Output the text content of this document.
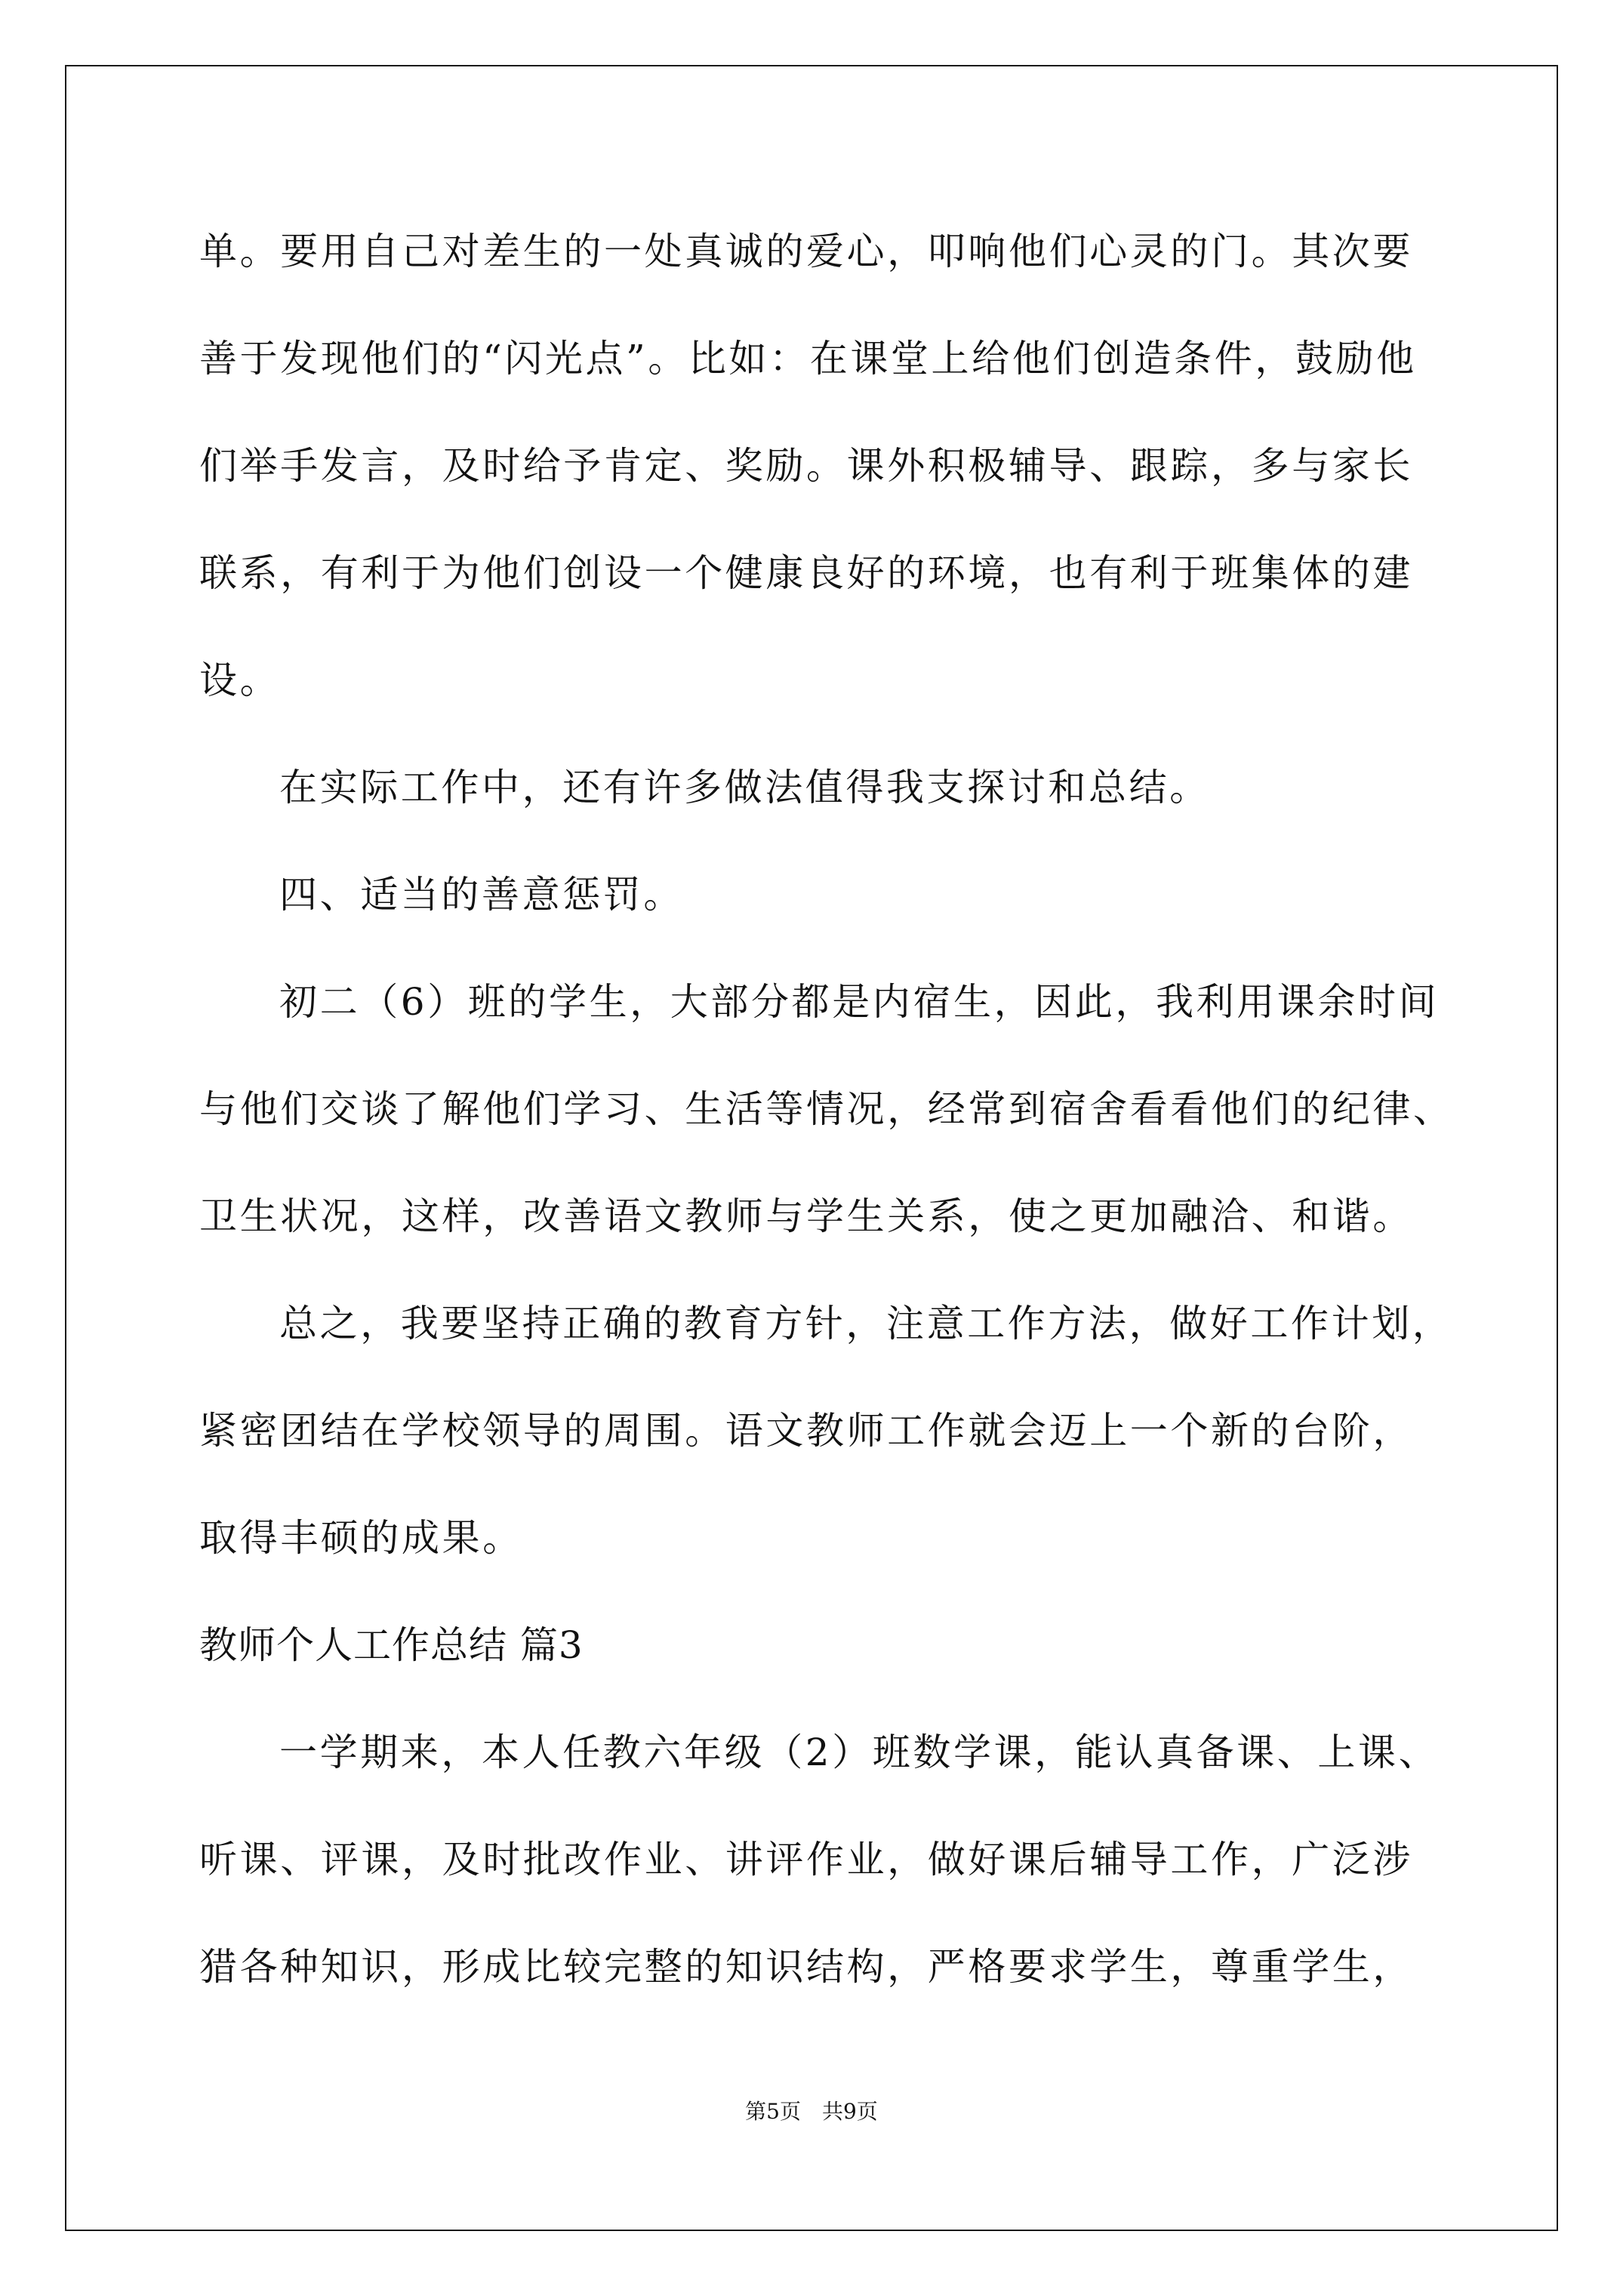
单。要用自己对差生的一处真诚的爱心，叩响他们心灵的门。其次要

善于发现他们的“闪光点”。比如：在课堂上给他们创造条件，鼓励他

们举手发言，及时给予肯定、奖励。课外积极辅导、跟踪，多与家长

联系，有利于为他们创设一个健康良好的环境，也有利于班集体的建

设。

在实际工作中，还有许多做法值得我支探讨和总结。

四、适当的善意惩罚。

初二（6）班的学生，大部分都是内宿生，因此，我利用课余时间

与他们交谈了解他们学习、生活等情况，经常到宿舍看看他们的纪律、

卫生状况，这样，改善语文教师与学生关系，使之更加融洽、和谐。

总之，我要坚持正确的教育方针，注意工作方法，做好工作计划，

紧密团结在学校领导的周围。语文教师工作就会迈上一个新的台阶，

取得丰硕的成果。

教师个人工作总结 篇3

一学期来，本人任教六年级（2）班数学课，能认真备课、上课、

听课、评课，及时批改作业、讲评作业，做好课后辅导工作，广泛涉

猎各种知识，形成比较完整的知识结构，严格要求学生，尊重学生，

第5页　共9页
